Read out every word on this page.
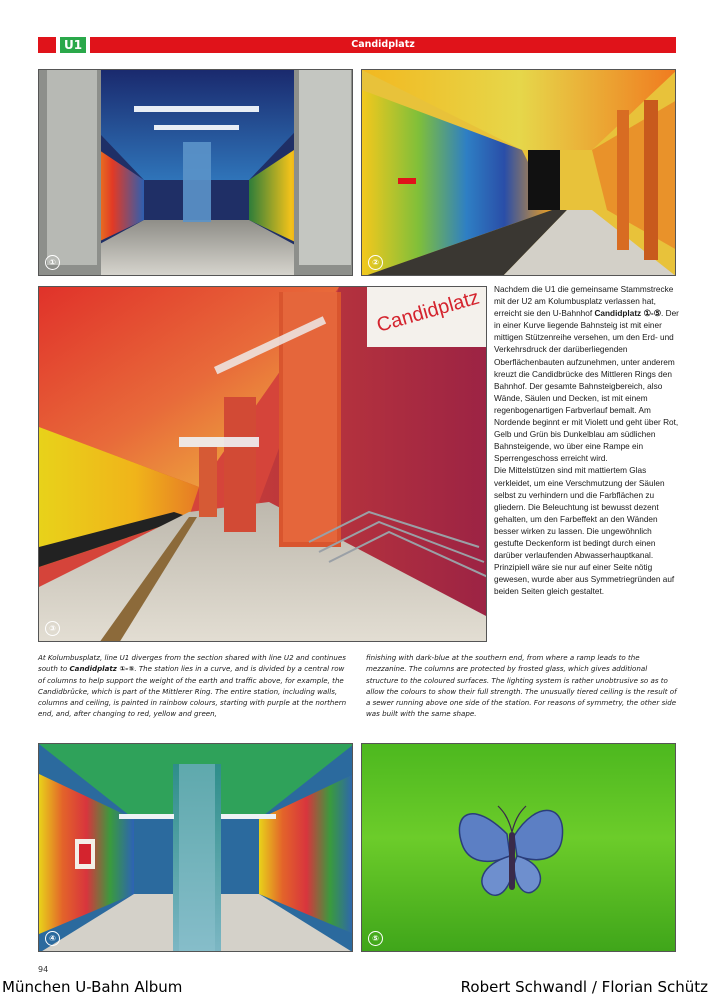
U1	Candidplatz
①	②
Candidplatz
③

Nachdem die U1 die gemeinsame Stammstrecke mit der U2 am Kolumbusplatz verlassen hat, erreicht sie den U-Bahnhof Candidplatz ①-⑤. Der in einer Kurve liegende Bahnsteig ist mit einer mittigen Stützenreihe versehen, um den Erd- und Verkehrsdruck der darüberliegenden Oberflächenbauten aufzunehmen, unter anderem kreuzt die Candidbrücke des Mittleren Rings den Bahnhof. Der gesamte Bahnsteigbereich, also Wände, Säulen und Decken, ist mit einem regenbogenartigen Farbverlauf bemalt. Am Nordende beginnt er mit Violett und geht über Rot, Gelb und Grün bis Dunkelblau am südlichen Bahnsteigende, wo über eine Rampe ein Sperrengeschoss erreicht wird.

Die Mittelstützen sind mit mattiertem Glas verkleidet, um eine Verschmutzung der Säulen selbst zu verhindern und die Farbflächen zu gliedern. Die Beleuchtung ist bewusst dezent gehalten, um den Farbeffekt an den Wänden besser wirken zu lassen. Die ungewöhnlich gestufte Deckenform ist bedingt durch einen darüber verlaufenden Abwasserhauptkanal. Prinzipiell wäre sie nur auf einer Seite nötig gewesen, wurde aber aus Symmetriegründen auf beiden Seiten gleich gestaltet.

At Kolumbusplatz, line U1 diverges from the section shared with line U2 and continues south to Candidplatz ①-⑤. The station lies in a curve, and is divided by a central row of columns to help support the weight of the earth and traffic above, for example, the Candidbrücke, which is part of the Mittlerer Ring. The entire station, including walls, columns and ceiling, is painted in rainbow colours, starting with purple at the northern end, and, after changing to red, yellow and green,

finishing with dark-blue at the southern end, from where a ramp leads to the mezzanine. The columns are protected by frosted glass, which gives additional structure to the coloured surfaces. The lighting system is rather unobtrusive so as to allow the colours to show their full strength. The unusually tiered ceiling is the result of a sewer running above one side of the station. For reasons of symmetry, the other side was built with the same shape.

④	⑤
94
München U-Bahn Album	Robert Schwandl / Florian Schütz
